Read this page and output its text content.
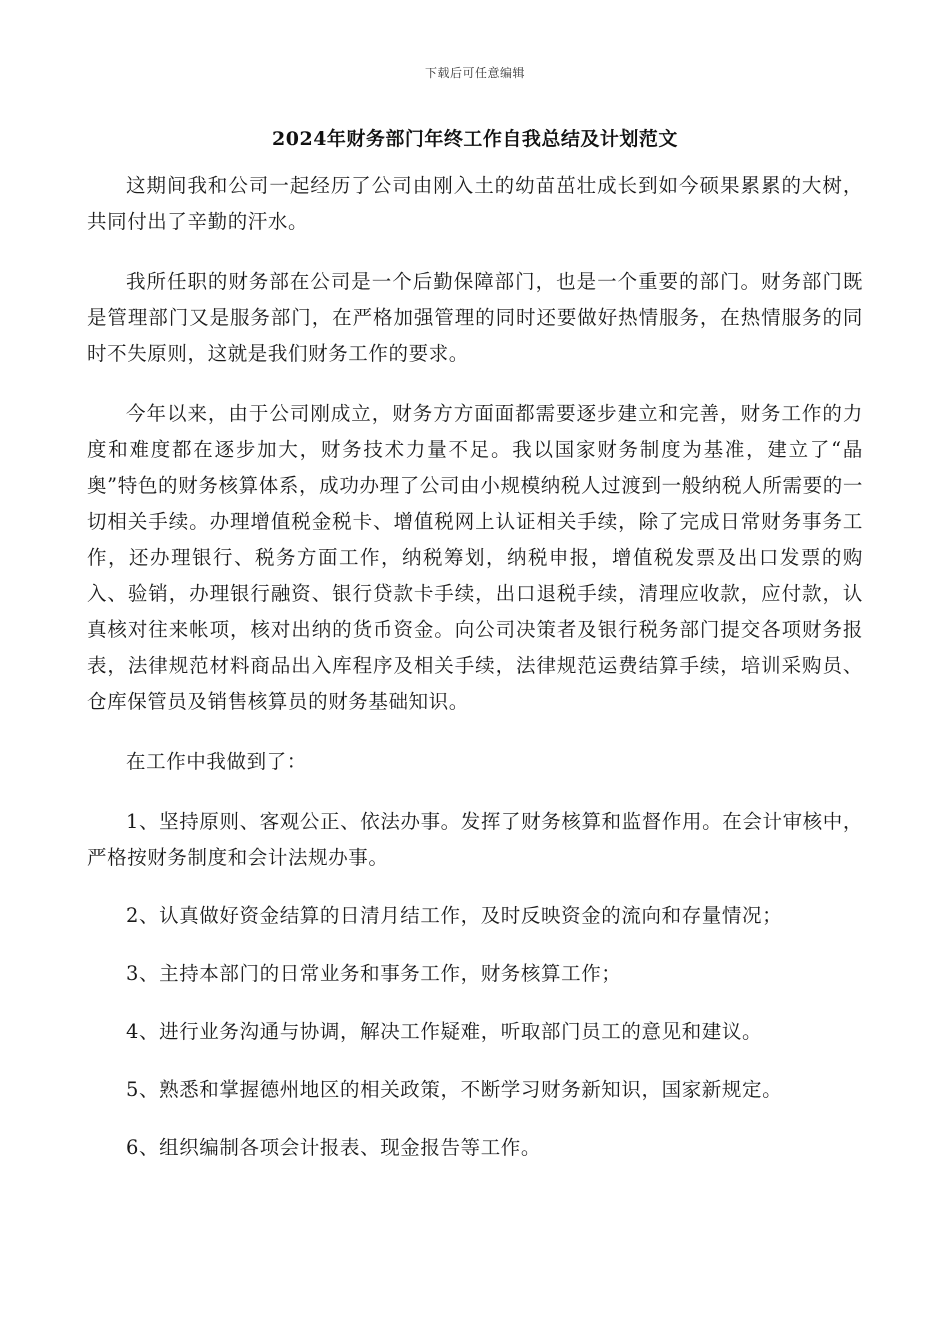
下载后可任意编辑
2024年财务部门年终工作自我总结及计划范文

这期间我和公司一起经历了公司由刚入土的幼苗茁壮成长到如今硕果累累的大树，共同付出了辛勤的汗水。

我所任职的财务部在公司是一个后勤保障部门，也是一个重要的部门。财务部门既是管理部门又是服务部门，在严格加强管理的同时还要做好热情服务，在热情服务的同时不失原则，这就是我们财务工作的要求。

今年以来，由于公司刚成立，财务方方面面都需要逐步建立和完善，财务工作的力度和难度都在逐步加大，财务技术力量不足。我以国家财务制度为基准，建立了“晶奥”特色的财务核算体系，成功办理了公司由小规模纳税人过渡到一般纳税人所需要的一切相关手续。办理增值税金税卡、增值税网上认证相关手续，除了完成日常财务事务工作，还办理银行、税务方面工作，纳税筹划，纳税申报，增值税发票及出口发票的购入、验销，办理银行融资、银行贷款卡手续，出口退税手续，清理应收款，应付款，认真核对往来帐项，核对出纳的货币资金。向公司决策者及银行税务部门提交各项财务报表，法律规范材料商品出入库程序及相关手续，法律规范运费结算手续，培训采购员、仓库保管员及销售核算员的财务基础知识。

在工作中我做到了：

1、坚持原则、客观公正、依法办事。发挥了财务核算和监督作用。在会计审核中，严格按财务制度和会计法规办事。

2、认真做好资金结算的日清月结工作，及时反映资金的流向和存量情况；

3、主持本部门的日常业务和事务工作，财务核算工作；

4、进行业务沟通与协调，解决工作疑难，听取部门员工的意见和建议。

5、熟悉和掌握德州地区的相关政策，不断学习财务新知识，国家新规定。

6、组织编制各项会计报表、现金报告等工作。
